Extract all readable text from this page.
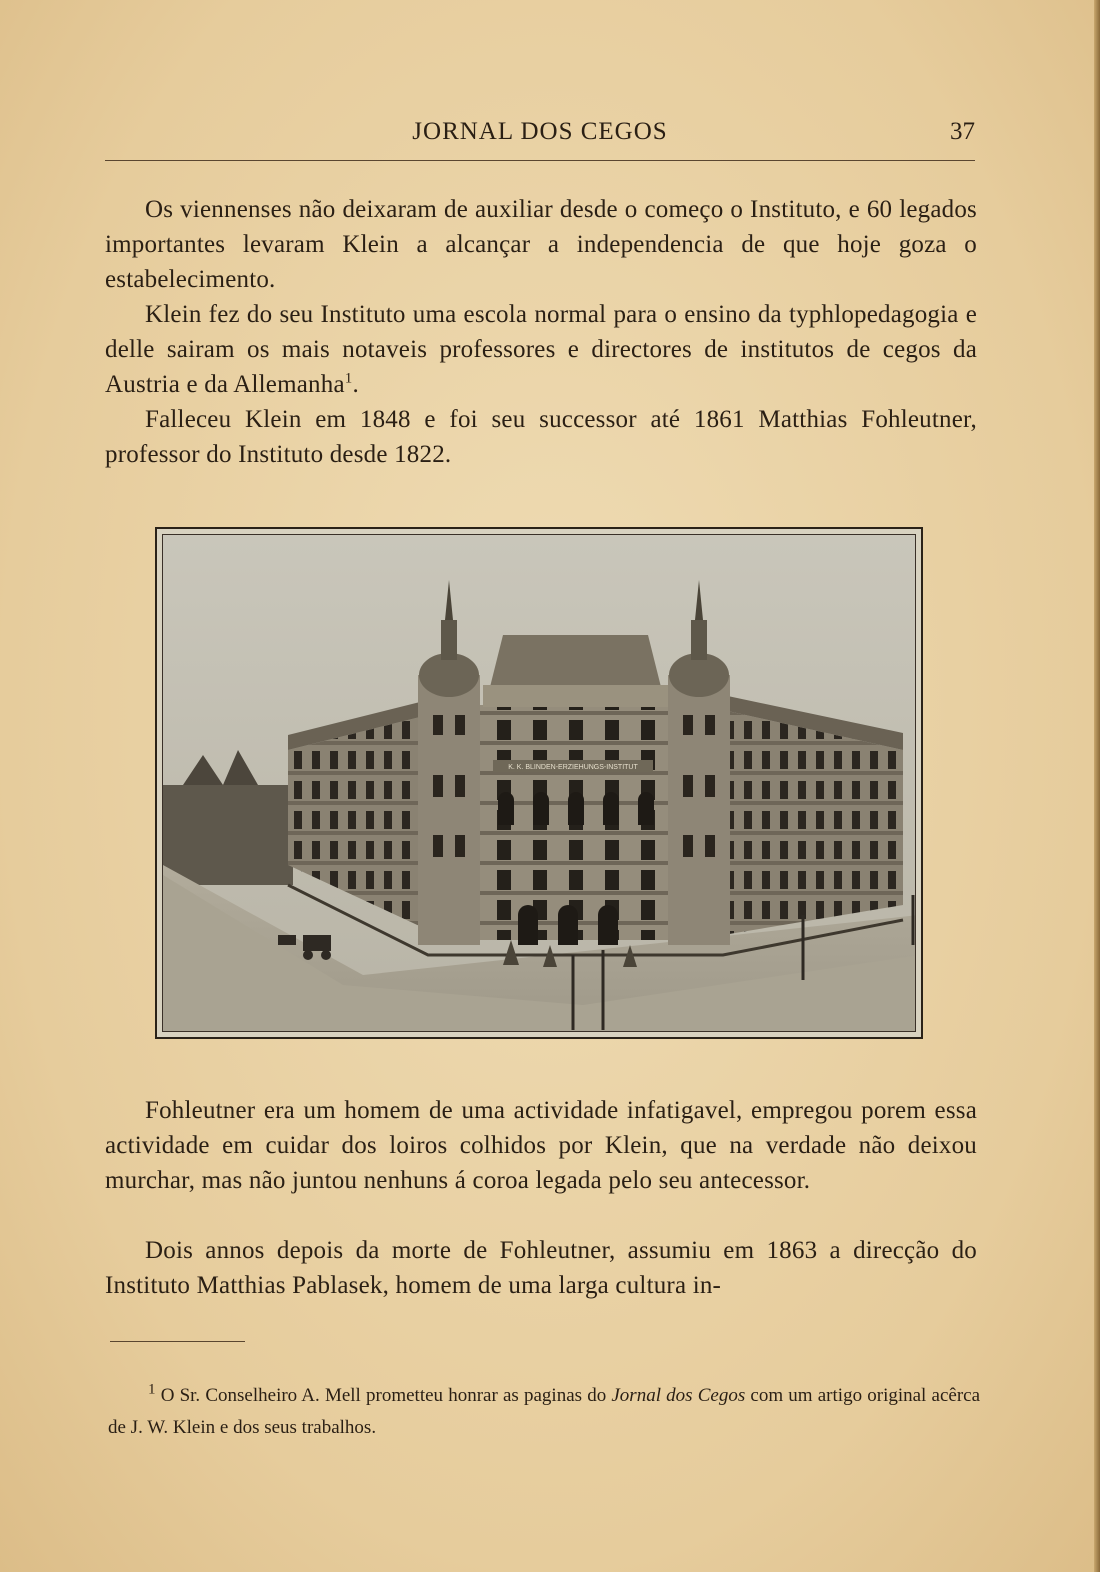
JORNAL DOS CEGOS	37

Os viennenses não deixaram de auxiliar desde o começo o Instituto, e 60 legados importantes levaram Klein a alcançar a independencia de que hoje goza o estabelecimento.

Klein fez do seu Instituto uma escola normal para o ensino da typhlopedagogia e delle sairam os mais notaveis professores e directores de institutos de cegos da Austria e da Allemanha$^1$.

Falleceu Klein em 1848 e foi seu successor até 1861 Matthias Fohleutner, professor do Instituto desde 1822.

K. K. BLINDEN-ERZIEHUNGS-INSTITUT

Fohleutner era um homem de uma actividade infatigavel, empregou porem essa actividade em cuidar dos loiros colhidos por Klein, que na verdade não deixou murchar, mas não juntou nenhuns á coroa legada pelo seu antecessor.

Dois annos depois da morte de Fohleutner, assumiu em 1863 a direcção do Instituto Matthias Pablasek, homem de uma larga cultura in-

$^1$ O Sr. Conselheiro A. Mell prometteu honrar as paginas do Jornal dos Cegos com um artigo original acêrca de J. W. Klein e dos seus trabalhos.
